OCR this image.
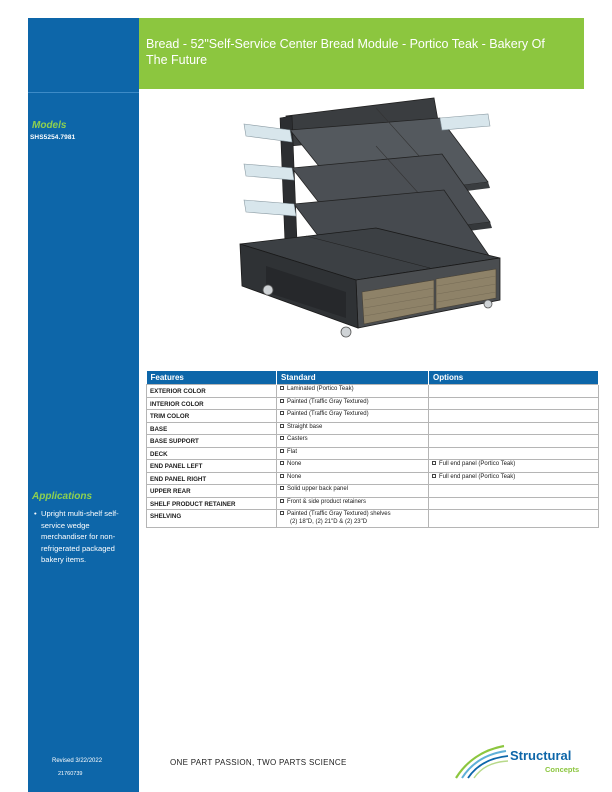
Models
SHS5254.7981
Applications
• Upright multi-shelf self-service wedge merchandiser for non-refrigerated packaged bakery items.
Revised 3/22/2022
21760739
Bread - 52"Self-Service Center Bread Module - Portico Teak - Bakery Of The Future
Features	Standard	Options
EXTERIOR COLOR	Laminated (Portico Teak)	

INTERIOR COLOR	Painted (Traffic Gray Textured)	

TRIM COLOR	Painted (Traffic Gray Textured)	

BASE	Straight base	

BASE SUPPORT	Casters	

DECK	Flat	

END PANEL LEFT	None	Full end panel (Portico Teak)

END PANEL RIGHT	None	Full end panel (Portico Teak)

UPPER REAR	Solid upper back panel	

SHELF PRODUCT RETAINER	Front & side product retainers	

SHELVING	Painted (Traffic Gray Textured) shelves
(2) 18"D, (2) 21"D & (2) 23"D	

ONE PART PASSION, TWO PARTS SCIENCE	Structural
Concepts
